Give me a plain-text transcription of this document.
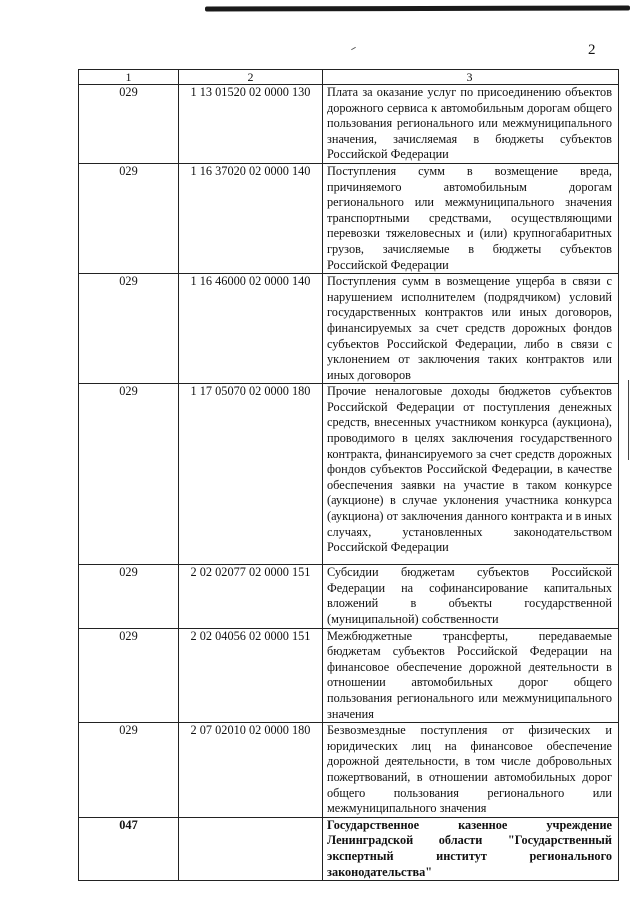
2
1	2	3
029	1 13 01520 02 0000 130	Плата за оказание услуг по присоединению объектов дорожного сервиса к автомобильным дорогам общего пользования регионального или межмуниципального значения, зачисляемая в бюджеты субъектов Российской Федерации
029	1 16 37020 02 0000 140	Поступления сумм в возмещение вреда, причиняемого автомобильным дорогам регионального или межмуниципального значения транспортными средствами, осуществляющими перевозки тяжеловесных и (или) крупногабаритных грузов, зачисляемые в бюджеты субъектов Российской Федерации
029	1 16 46000 02 0000 140	Поступления сумм в возмещение ущерба в связи с нарушением исполнителем (подрядчиком) условий государственных контрактов или иных договоров, финансируемых за счет средств дорожных фондов субъектов Российской Федерации, либо в связи с уклонением от заключения таких контрактов или иных договоров
029	1 17 05070 02 0000 180	Прочие неналоговые доходы бюджетов субъектов Российской Федерации от поступления денежных средств, внесенных участником конкурса (аукциона), проводимого в целях заключения государственного контракта, финансируемого за счет средств дорожных фондов субъектов Российской Федерации, в качестве обеспечения заявки на участие в таком конкурсе (аукционе) в случае уклонения участника конкурса (аукциона) от заключения данного контракта и в иных случаях, установленных законодательством Российской Федерации
029	2 02 02077 02 0000 151	Субсидии бюджетам субъектов Российской Федерации на софинансирование капитальных вложений в объекты государственной (муниципальной) собственности
029	2 02 04056 02 0000 151	Межбюджетные трансферты, передаваемые бюджетам субъектов Российской Федерации на финансовое обеспечение дорожной деятельности в отношении автомобильных дорог общего пользования регионального или межмуниципального значения
029	2 07 02010 02 0000 180	Безвозмездные поступления от физических и юридических лиц на финансовое обеспечение дорожной деятельности, в том числе добровольных пожертвований, в отношении автомобильных дорог общего пользования регионального или межмуниципального значения
047		Государственное казенное учреждение Ленинградской области "Государственный экспертный институт регионального законодательства"
